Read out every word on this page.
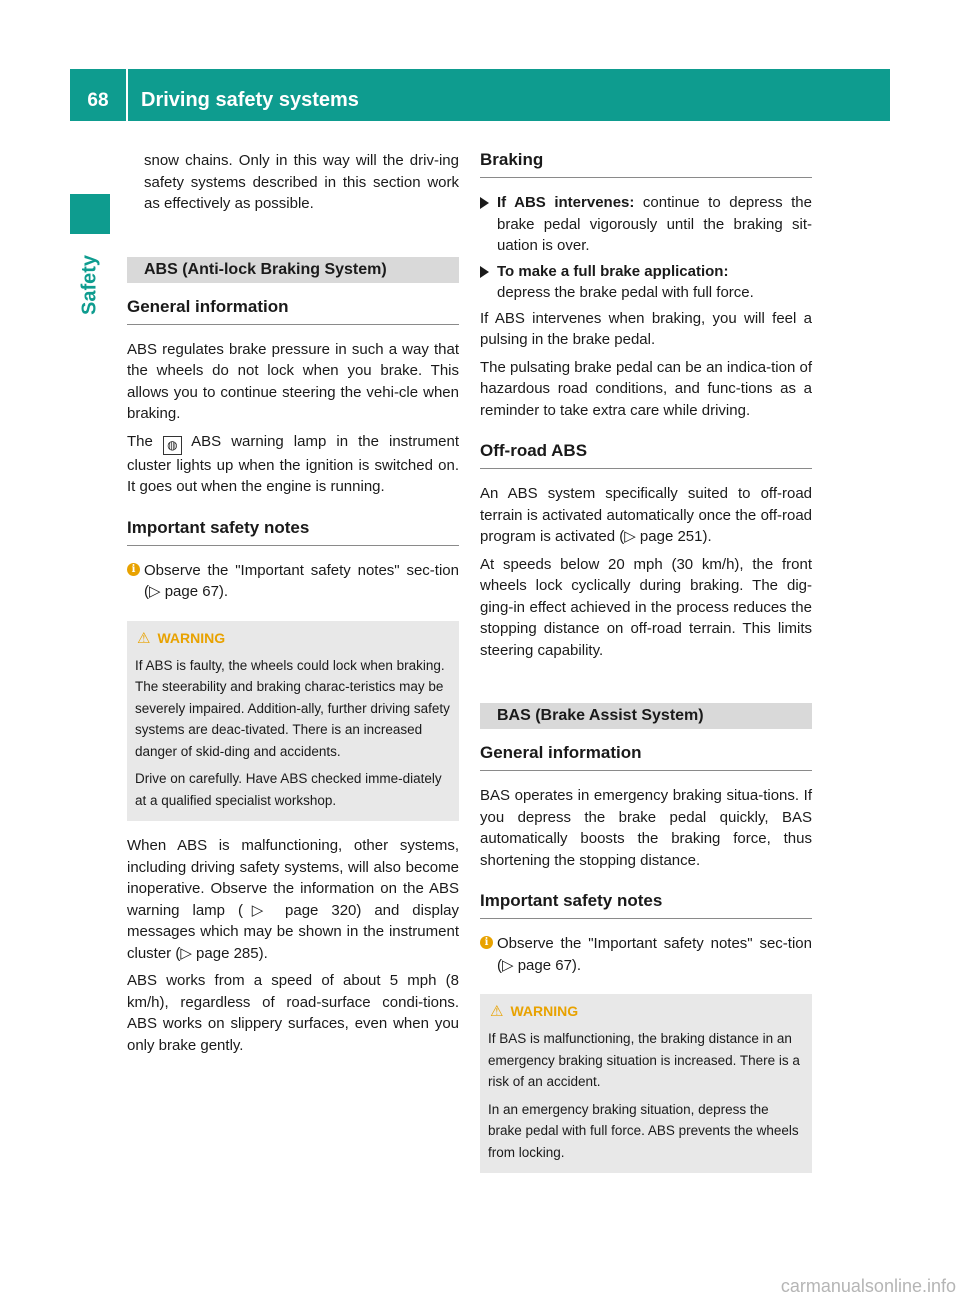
68	Driving safety systems
Safety

snow chains. Only in this way will the driv-ing safety systems described in this section work as effectively as possible.

ABS (Anti-lock Braking System)
General information

ABS regulates brake pressure in such a way that the wheels do not lock when you brake. This allows you to continue steering the vehi-cle when braking.

The ◍ ABS warning lamp in the instrument cluster lights up when the ignition is switched on. It goes out when the engine is running.

Important safety notes
i Observe the "Important safety notes" sec-tion (▷ page 67).

⚠ WARNING

If ABS is faulty, the wheels could lock when braking. The steerability and braking charac-teristics may be severely impaired. Addition-ally, further driving safety systems are deac-tivated. There is an increased danger of skid-ding and accidents.

Drive on carefully. Have ABS checked imme-diately at a qualified specialist workshop.

When ABS is malfunctioning, other systems, including driving safety systems, will also become inoperative. Observe the information on the ABS warning lamp (▷ page 320) and display messages which may be shown in the instrument cluster (▷ page 285).

ABS works from a speed of about 5 mph (8 km/h), regardless of road-surface condi-tions. ABS works on slippery surfaces, even when you only brake gently.

Braking

If ABS intervenes: continue to depress the brake pedal vigorously until the braking sit-uation is over.

To make a full brake application:
depress the brake pedal with full force.

If ABS intervenes when braking, you will feel a pulsing in the brake pedal.

The pulsating brake pedal can be an indica-tion of hazardous road conditions, and func-tions as a reminder to take extra care while driving.

Off-road ABS

An ABS system specifically suited to off-road terrain is activated automatically once the off-road program is activated (▷ page 251).

At speeds below 20 mph (30 km/h), the front wheels lock cyclically during braking. The dig-ging-in effect achieved in the process reduces the stopping distance on off-road terrain. This limits steering capability.

BAS (Brake Assist System)
General information

BAS operates in emergency braking situa-tions. If you depress the brake pedal quickly, BAS automatically boosts the braking force, thus shortening the stopping distance.

Important safety notes
i Observe the "Important safety notes" sec-tion (▷ page 67).

⚠ WARNING

If BAS is malfunctioning, the braking distance in an emergency braking situation is increased. There is a risk of an accident.

In an emergency braking situation, depress the brake pedal with full force. ABS prevents the wheels from locking.

carmanualsonline.info
